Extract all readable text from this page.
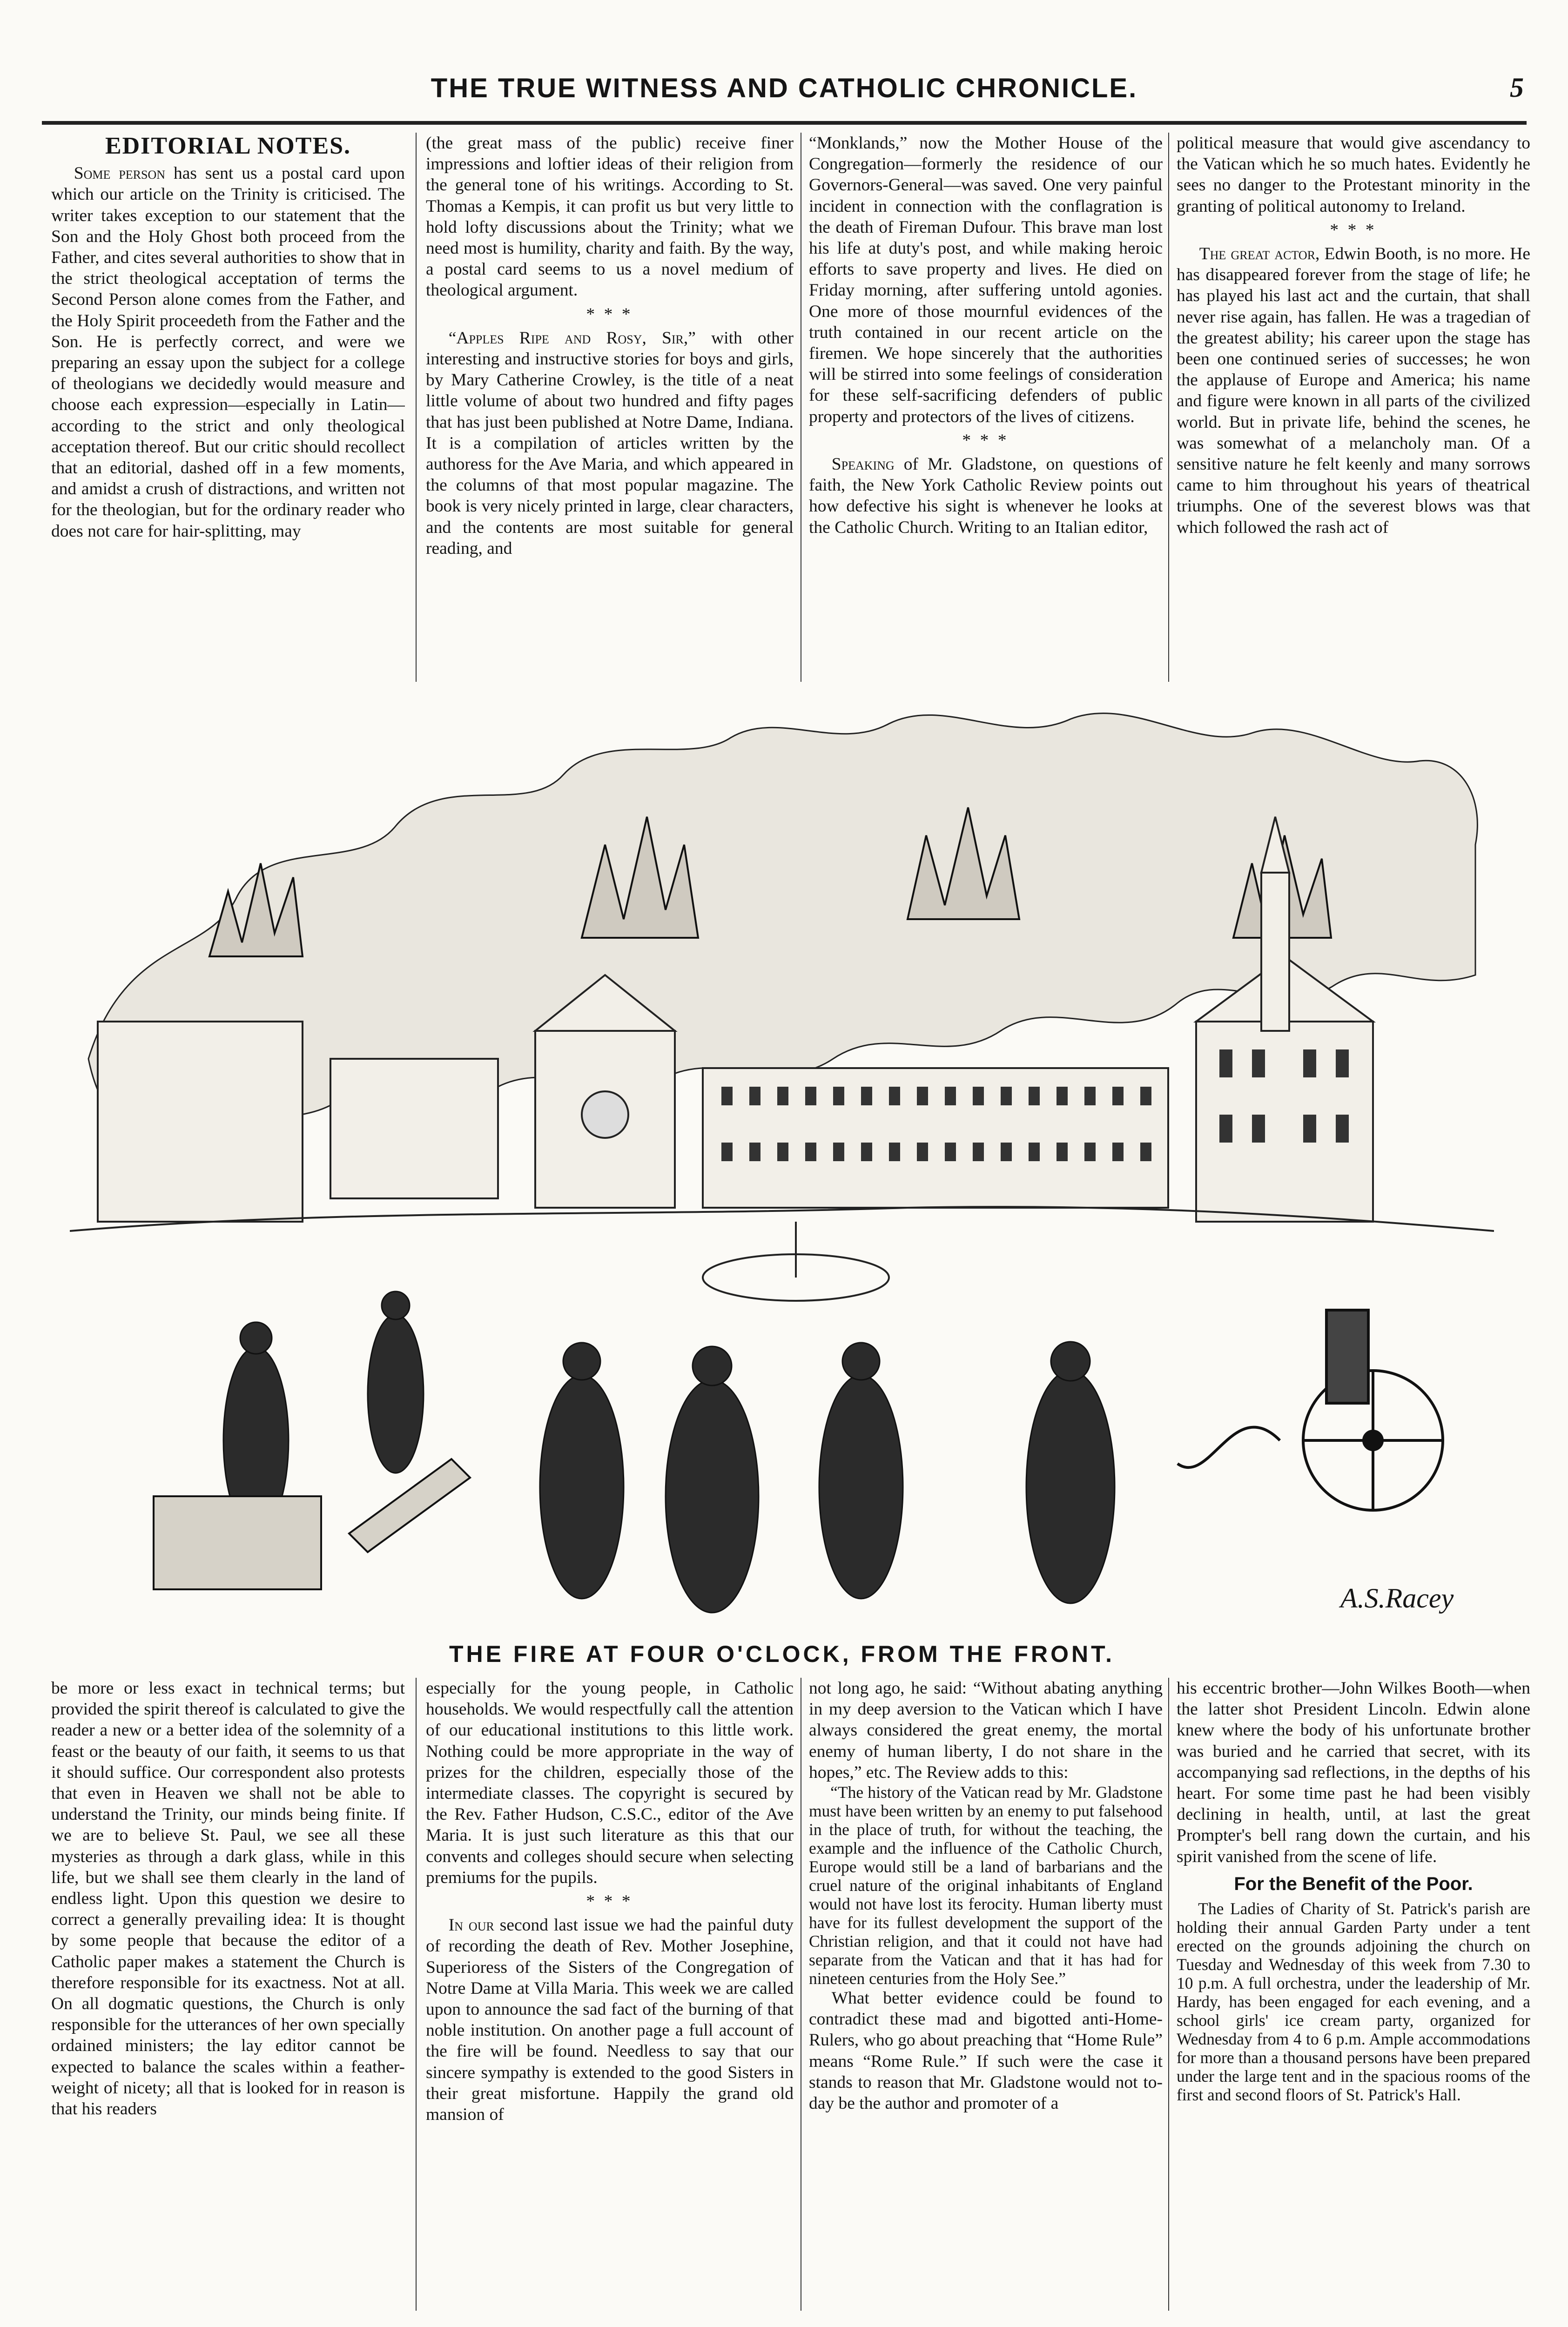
THE TRUE WITNESS AND CATHOLIC CHRONICLE.	5
EDITORIAL NOTES.

Some person has sent us a postal card upon which our article on the Trinity is criticised. The writer takes exception to our statement that the Son and the Holy Ghost both proceed from the Father, and cites several authorities to show that in the strict theological acceptation of terms the Second Person alone comes from the Father, and the Holy Spirit proceedeth from the Father and the Son. He is perfectly correct, and were we preparing an essay upon the subject for a college of theologians we decidedly would measure and choose each expression—especially in Latin—according to the strict and only theological acceptation thereof. But our critic should recollect that an editorial, dashed off in a few moments, and amidst a crush of distractions, and written not for the theologian, but for the ordinary reader who does not care for hair-splitting, may

(the great mass of the public) receive finer impressions and loftier ideas of their religion from the general tone of his writings. According to St. Thomas a Kempis, it can profit us but very little to hold lofty discussions about the Trinity; what we need most is humility, charity and faith. By the way, a postal card seems to us a novel medium of theological argument.

* * *

“Apples Ripe and Rosy, Sir,” with other interesting and instructive stories for boys and girls, by Mary Catherine Crowley, is the title of a neat little volume of about two hundred and fifty pages that has just been published at Notre Dame, Indiana. It is a compilation of articles written by the authoress for the Ave Maria, and which appeared in the columns of that most popular magazine. The book is very nicely printed in large, clear characters, and the contents are most suitable for general reading, and

“Monklands,” now the Mother House of the Congregation—formerly the residence of our Governors-General—was saved. One very painful incident in connection with the conflagration is the death of Fireman Dufour. This brave man lost his life at duty's post, and while making heroic efforts to save property and lives. He died on Friday morning, after suffering untold agonies. One more of those mournful evidences of the truth contained in our recent article on the firemen. We hope sincerely that the authorities will be stirred into some feelings of consideration for these self-sacrificing defenders of public property and protectors of the lives of citizens.

* * *

Speaking of Mr. Gladstone, on questions of faith, the New York Catholic Review points out how defective his sight is whenever he looks at the Catholic Church. Writing to an Italian editor,

political measure that would give ascendancy to the Vatican which he so much hates. Evidently he sees no danger to the Protestant minority in the granting of political autonomy to Ireland.

* * *

The great actor, Edwin Booth, is no more. He has disappeared forever from the stage of life; he has played his last act and the curtain, that shall never rise again, has fallen. He was a tragedian of the greatest ability; his career upon the stage has been one continued series of successes; he won the applause of Europe and America; his name and figure were known in all parts of the civilized world. But in private life, behind the scenes, he was somewhat of a melancholy man. Of a sensitive nature he felt keenly and many sorrows came to him throughout his years of theatrical triumphs. One of the severest blows was that which followed the rash act of

A.S.Racey
THE FIRE AT FOUR O'CLOCK, FROM THE FRONT.

be more or less exact in technical terms; but provided the spirit thereof is calculated to give the reader a new or a better idea of the solemnity of a feast or the beauty of our faith, it seems to us that it should suffice. Our correspondent also protests that even in Heaven we shall not be able to understand the Trinity, our minds being finite. If we are to believe St. Paul, we see all these mysteries as through a dark glass, while in this life, but we shall see them clearly in the land of endless light. Upon this question we desire to correct a generally prevailing idea: It is thought by some people that because the editor of a Catholic paper makes a statement the Church is therefore responsible for its exactness. Not at all. On all dogmatic questions, the Church is only responsible for the utterances of her own specially ordained ministers; the lay editor cannot be expected to balance the scales within a feather-weight of nicety; all that is looked for in reason is that his readers

especially for the young people, in Catholic households. We would respectfully call the attention of our educational institutions to this little work. Nothing could be more appropriate in the way of prizes for the children, especially those of the intermediate classes. The copyright is secured by the Rev. Father Hudson, C.S.C., editor of the Ave Maria. It is just such literature as this that our convents and colleges should secure when selecting premiums for the pupils.

* * *

In our second last issue we had the painful duty of recording the death of Rev. Mother Josephine, Superioress of the Sisters of the Congregation of Notre Dame at Villa Maria. This week we are called upon to announce the sad fact of the burning of that noble institution. On another page a full account of the fire will be found. Needless to say that our sincere sympathy is extended to the good Sisters in their great misfortune. Happily the grand old mansion of

not long ago, he said: “Without abating anything in my deep aversion to the Vatican which I have always considered the great enemy, the mortal enemy of human liberty, I do not share in the hopes,” etc. The Review adds to this:

“The history of the Vatican read by Mr. Gladstone must have been written by an enemy to put falsehood in the place of truth, for without the teaching, the example and the influence of the Catholic Church, Europe would still be a land of barbarians and the cruel nature of the original inhabitants of England would not have lost its ferocity. Human liberty must have for its fullest development the support of the Christian religion, and that it could not have had separate from the Vatican and that it has had for nineteen centuries from the Holy See.”

What better evidence could be found to contradict these mad and bigotted anti-Home-Rulers, who go about preaching that “Home Rule” means “Rome Rule.” If such were the case it stands to reason that Mr. Gladstone would not to-day be the author and promoter of a

his eccentric brother—John Wilkes Booth—when the latter shot President Lincoln. Edwin alone knew where the body of his unfortunate brother was buried and he carried that secret, with its accompanying sad reflections, in the depths of his heart. For some time past he had been visibly declining in health, until, at last the great Prompter's bell rang down the curtain, and his spirit vanished from the scene of life.

For the Benefit of the Poor.

The Ladies of Charity of St. Patrick's parish are holding their annual Garden Party under a tent erected on the grounds adjoining the church on Tuesday and Wednesday of this week from 7.30 to 10 p.m. A full orchestra, under the leadership of Mr. Hardy, has been engaged for each evening, and a school girls' ice cream party, organized for Wednesday from 4 to 6 p.m. Ample accommodations for more than a thousand persons have been prepared under the large tent and in the spacious rooms of the first and second floors of St. Patrick's Hall.
